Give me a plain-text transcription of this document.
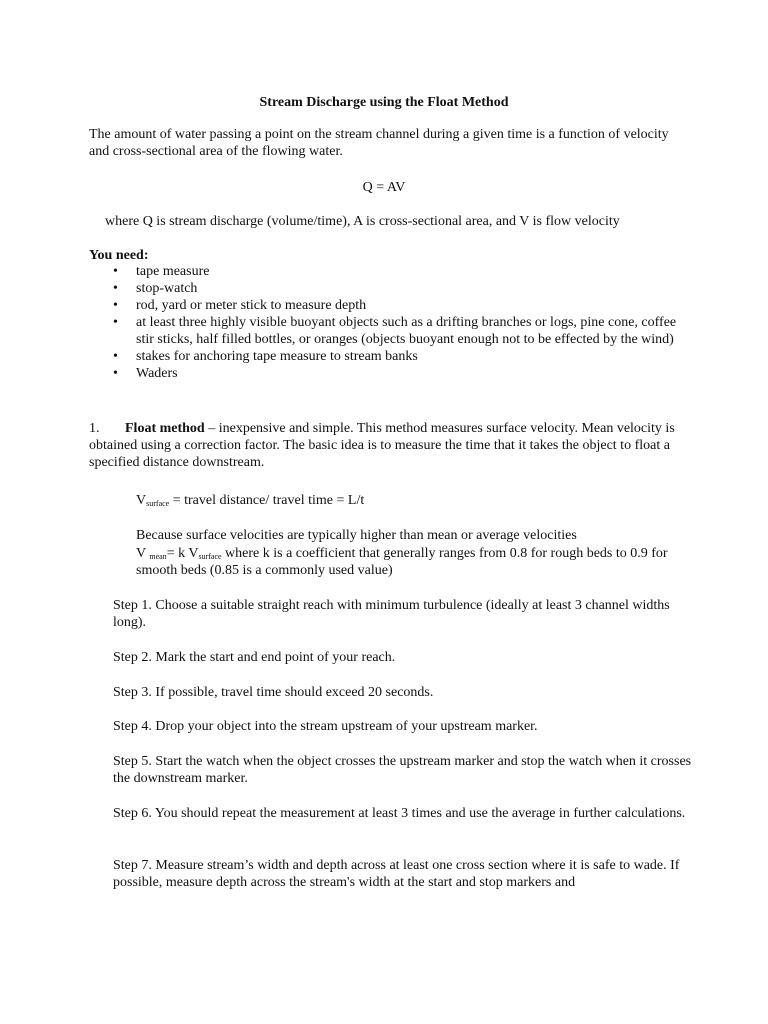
Stream Discharge using the Float Method
The amount of water passing a point on the stream channel during a given time is a function of velocity and cross-sectional area of the flowing water.
Q = AV
where Q is stream discharge (volume/time), A is cross-sectional area, and V is flow velocity
You need:
• tape measure
• stop-watch
• rod, yard or meter stick to measure depth
• at least three highly visible buoyant objects such as a drifting branches or logs, pine cone, coffee stir sticks, half filled bottles, or oranges (objects buoyant enough not to be effected by the wind)
• stakes for anchoring tape measure to stream banks
• Waders
1. Float method – inexpensive and simple. This method measures surface velocity. Mean velocity is obtained using a correction factor. The basic idea is to measure the time that it takes the object to float a specified distance downstream.
$V_{surface}$ = travel distance/ travel time = L/t
Because surface velocities are typically higher than mean or average velocities
V $_{mean}$= k $V_{surface}$ where k is a coefficient that generally ranges from 0.8 for rough beds to 0.9 for smooth beds (0.85 is a commonly used value)
Step 1. Choose a suitable straight reach with minimum turbulence (ideally at least 3 channel widths long).
Step 2. Mark the start and end point of your reach.
Step 3. If possible, travel time should exceed 20 seconds.
Step 4. Drop your object into the stream upstream of your upstream marker.
Step 5. Start the watch when the object crosses the upstream marker and stop the watch when it crosses the downstream marker.
Step 6. You should repeat the measurement at least 3 times and use the average in further calculations.
Step 7. Measure stream’s width and depth across at least one cross section where it is safe to wade. If possible, measure depth across the stream's width at the start and stop markers and
